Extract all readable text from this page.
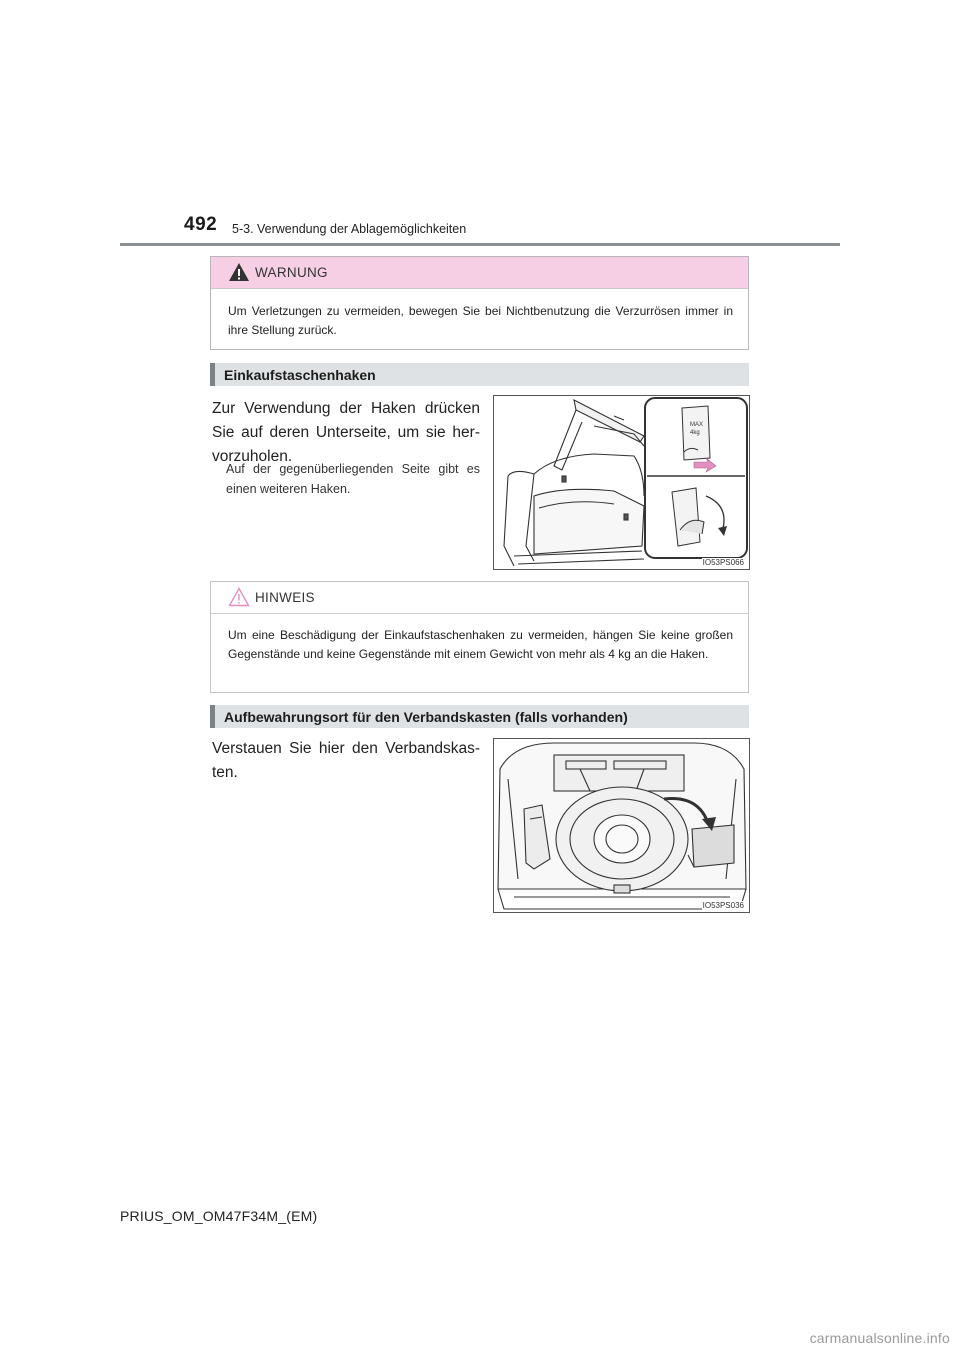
492 5-3. Verwendung der Ablagemöglichkeiten
WARNUNG
Um Verletzungen zu vermeiden, bewegen Sie bei Nichtbenutzung die Verzurrösen immer in ihre Stellung zurück.
Einkaufstaschenhaken
Zur Verwendung der Haken drücken Sie auf deren Unterseite, um sie her-vorzuholen.
Auf der gegenüberliegenden Seite gibt es einen weiteren Haken.
MAX
4kg
IO53PS066
HINWEIS
Um eine Beschädigung der Einkaufstaschenhaken zu vermeiden, hängen Sie keine großen Gegenstände und keine Gegenstände mit einem Gewicht von mehr als 4 kg an die Haken.
Aufbewahrungsort für den Verbandskasten (falls vorhanden)
Verstauen Sie hier den Verbandskas-ten.
IO53PS036
PRIUS_OM_OM47F34M_(EM)
carmanualsonline.info
